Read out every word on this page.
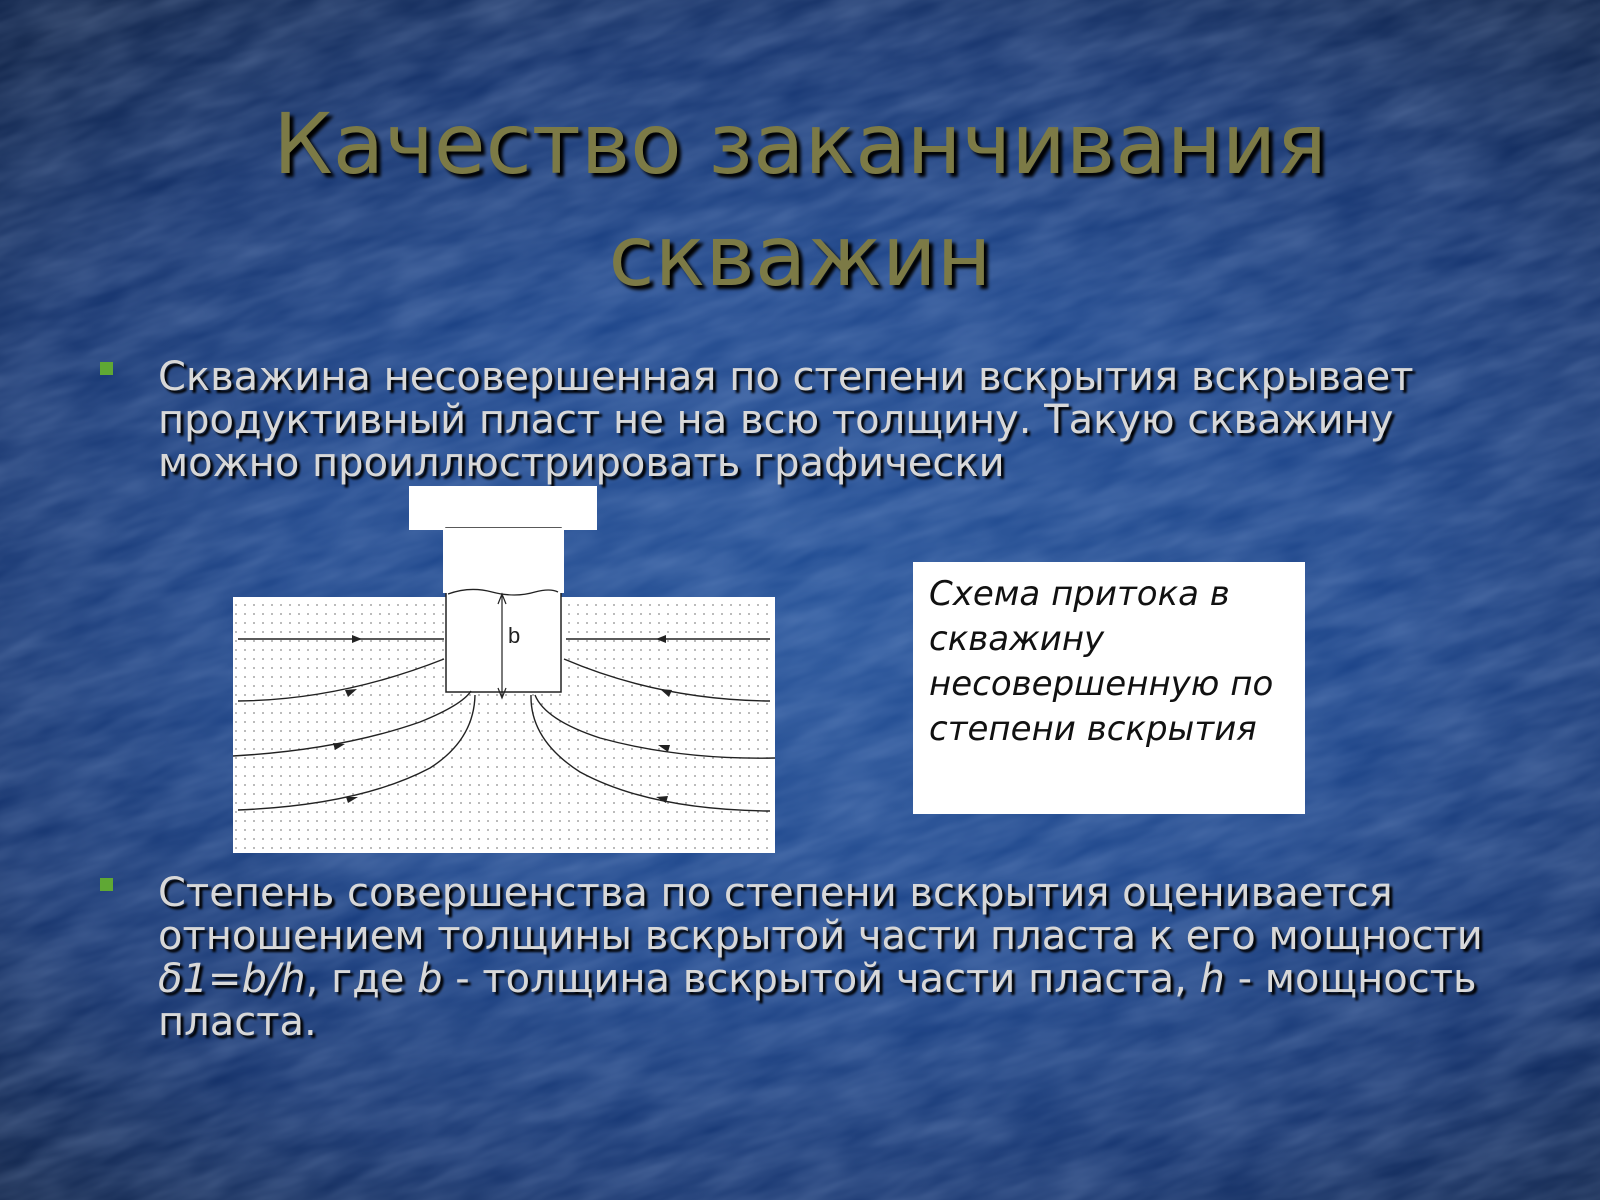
Качество заканчивания скважин
Скважина несовершенная по степени вскрытия вскрывает продуктивный пласт не на всю толщину. Такую скважину можно проиллюстрировать графически
b
Схема притока в скважину несовершенную по степени вскрытия
Степень совершенства по степени вскрытия оценивается отношением толщины вскрытой части пласта к его мощности δ1=b/h, где b - толщина вскрытой части пласта, h - мощность пласта.
